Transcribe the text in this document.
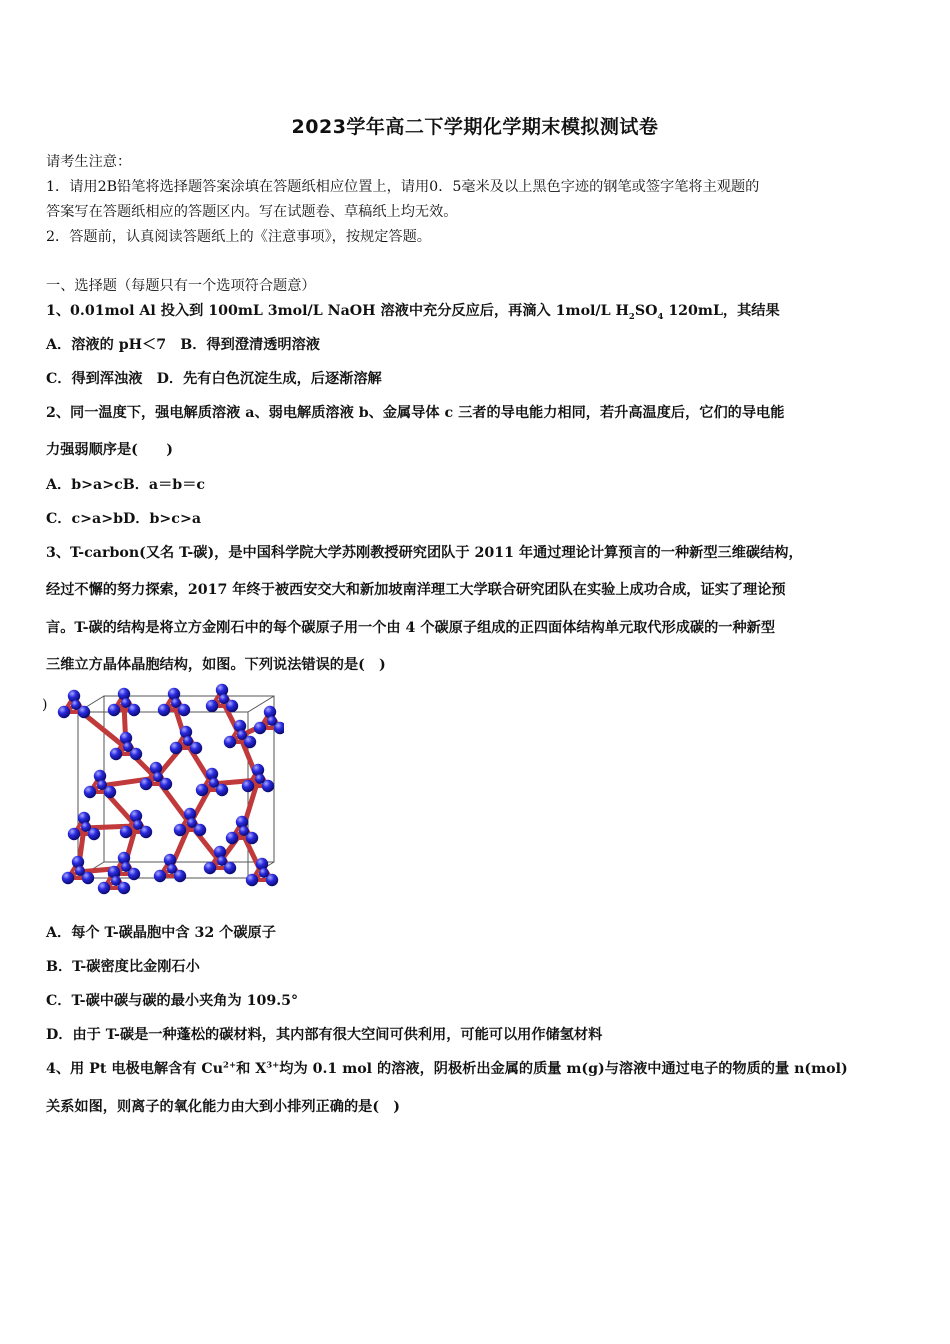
2023学年高二下学期化学期末模拟测试卷
请考生注意：
1．请用2B铅笔将选择题答案涂填在答题纸相应位置上，请用0．5毫米及以上黑色字迹的钢笔或签字笔将主观题的
答案写在答题纸相应的答题区内。写在试题卷、草稿纸上均无效。
2．答题前，认真阅读答题纸上的《注意事项》，按规定答题。
一、选择题（每题只有一个选项符合题意）
1、0.01mol Al 投入到 100mL 3mol/L NaOH 溶液中充分反应后，再滴入 1mol/L $H_2SO_4$ 120mL，其结果
A．溶液的 pH＜7　B．得到澄清透明溶液
C．得到浑浊液　D．先有白色沉淀生成，后逐渐溶解
2、同一温度下，强电解质溶液 a、弱电解质溶液 b、金属导体 c 三者的导电能力相同，若升高温度后，它们的导电能
力强弱顺序是(　　)
A．b>a>cB．a＝b＝c
C．c>a>bD．b>c>a
3、T-carbon(又名 T-碳)，是中国科学院大学苏刚教授研究团队于 2011 年通过理论计算预言的一种新型三维碳结构，
经过不懈的努力探索，2017 年终于被西安交大和新加坡南洋理工大学联合研究团队在实验上成功合成，证实了理论预
言。T-碳的结构是将立方金刚石中的每个碳原子用一个由 4 个碳原子组成的正四面体结构单元取代形成碳的一种新型
三维立方晶体晶胞结构，如图。下列说法错误的是(　)
)
A．每个 T-碳晶胞中含 32 个碳原子
B．T-碳密度比金刚石小
C．T-碳中碳与碳的最小夹角为 109.5°
D．由于 T-碳是一种蓬松的碳材料，其内部有很大空间可供利用，可能可以用作储氢材料
4、用 Pt 电极电解含有 $Cu^{2+}$和 $X^{3+}$均为 0.1 mol 的溶液，阴极析出金属的质量 m(g)与溶液中通过电子的物质的量 n(mol)
关系如图，则离子的氧化能力由大到小排列正确的是(　)
